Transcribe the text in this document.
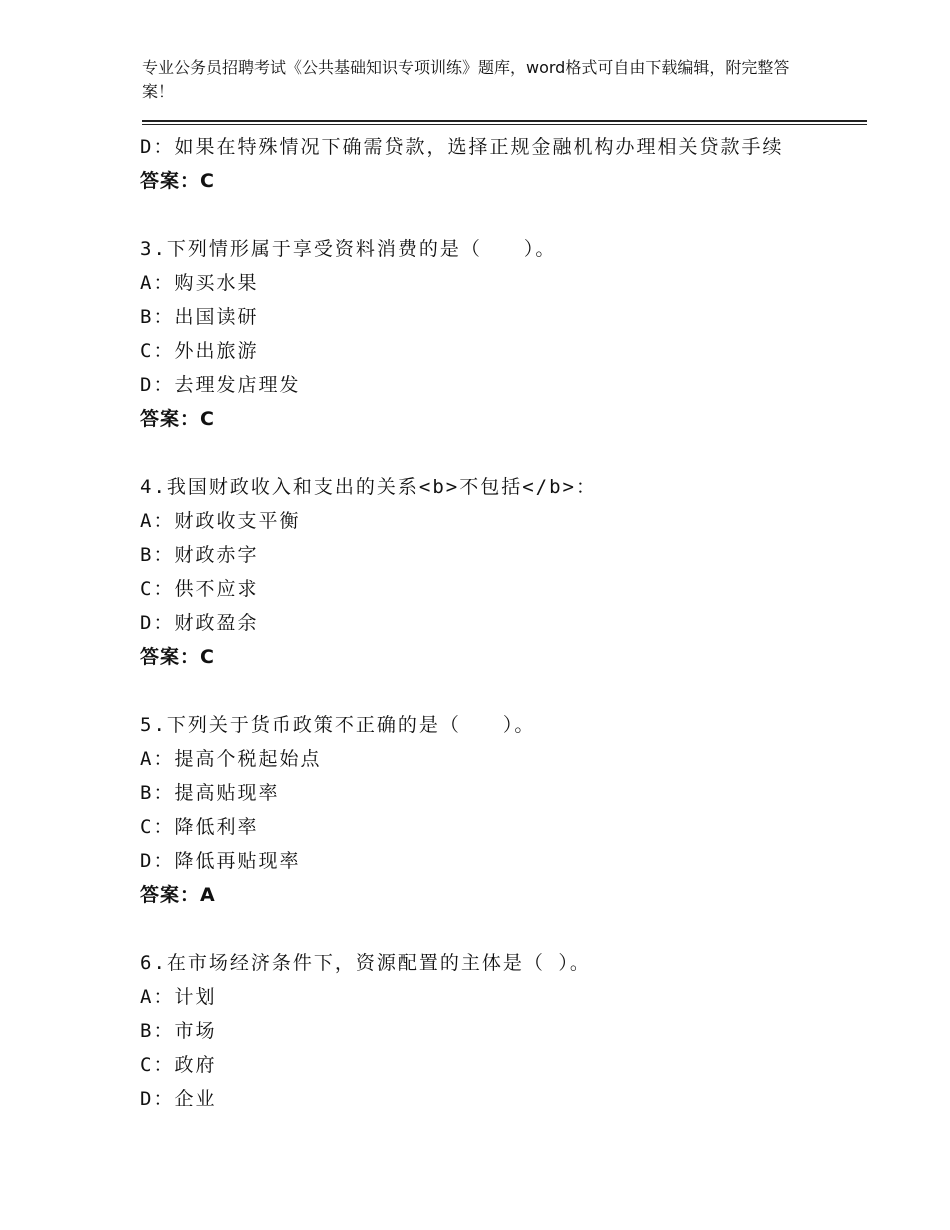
专业公务员招聘考试《公共基础知识专项训练》题库，word格式可自由下载编辑，附完整答案！
D：如果在特殊情况下确需贷款，选择正规金融机构办理相关贷款手续
答案：C
3.下列情形属于享受资料消费的是（　　）。
A：购买水果
B：出国读研
C：外出旅游
D：去理发店理发
答案：C
4.我国财政收入和支出的关系<b>不包括</b>：
A：财政收支平衡
B：财政赤字
C：供不应求
D：财政盈余
答案：C
5.下列关于货币政策不正确的是（　　）。
A：提高个税起始点
B：提高贴现率
C：降低利率
D：降低再贴现率
答案：A
6.在市场经济条件下，资源配置的主体是（ ）。
A：计划
B：市场
C：政府
D：企业
